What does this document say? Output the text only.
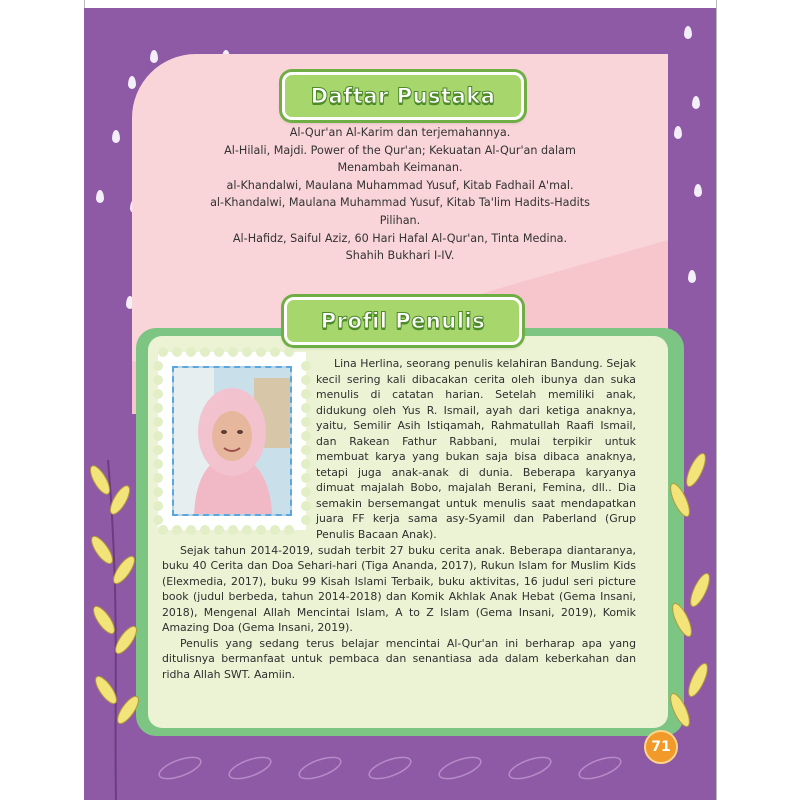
Daftar Pustaka
Al-Qur'an Al-Karim dan terjemahannya.
Al-Hilali, Majdi. Power of the Qur'an; Kekuatan Al-Qur'an dalam
Menambah Keimanan.
al-Khandalwi, Maulana Muhammad Yusuf, Kitab Fadhail A'mal.
al-Khandalwi, Maulana Muhammad Yusuf, Kitab Ta'lim Hadits-Hadits
Pilihan.
Al-Hafidz, Saiful Aziz, 60 Hari Hafal Al-Qur'an, Tinta Medina.
Shahih Bukhari I-IV.
Profil Penulis

Lina Herlina, seorang penulis kelahiran Bandung. Sejak kecil sering kali dibacakan cerita oleh ibunya dan suka menulis di catatan harian. Setelah memiliki anak, didukung oleh Yus R. Ismail, ayah dari ketiga anaknya, yaitu, Semilir Asih Istiqamah, Rahmatullah Raafi Ismail, dan Rakean Fathur Rabbani, mulai terpikir untuk membuat karya yang bukan saja bisa dibaca anaknya, tetapi juga anak-anak di dunia. Beberapa karyanya dimuat majalah Bobo, majalah Berani, Femina, dll.. Dia semakin bersemangat untuk menulis saat mendapatkan juara FF kerja sama asy-Syamil dan Paberland (Grup Penulis Bacaan Anak).

Sejak tahun 2014-2019, sudah terbit 27 buku cerita anak. Beberapa diantaranya, buku 40 Cerita dan Doa Sehari-hari (Tiga Ananda, 2017), Rukun Islam for Muslim Kids (Elexmedia, 2017), buku 99 Kisah Islami Terbaik, buku aktivitas, 16 judul seri picture book (judul berbeda, tahun 2014-2018) dan Komik Akhlak Anak Hebat (Gema Insani, 2018), Mengenal Allah Mencintai Islam, A to Z Islam (Gema Insani, 2019), Komik Amazing Doa (Gema Insani, 2019).

Penulis yang sedang terus belajar mencintai Al-Qur'an ini berharap apa yang ditulisnya bermanfaat untuk pembaca dan senantiasa ada dalam keberkahan dan ridha Allah SWT. Aamiin.

71
